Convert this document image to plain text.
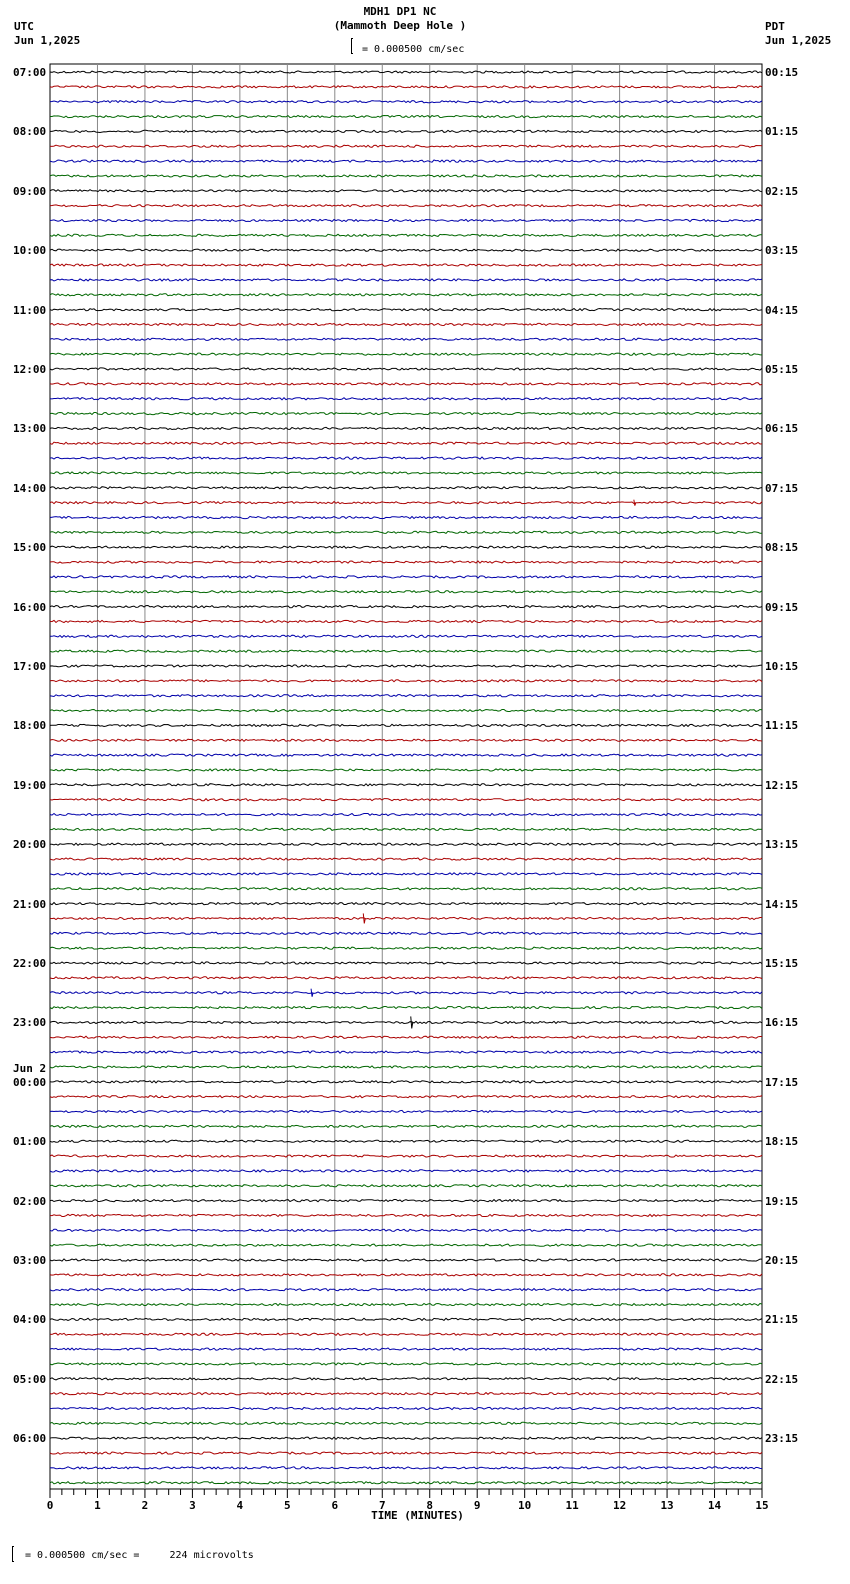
0	1	2	3	4	5	6	7	8	9	10	11	12	13	14	15
MDH1 DP1 NC
(Mammoth Deep Hole )
= 0.000500 cm/sec
UTC
Jun 1,2025
PDT
Jun 1,2025
07:00
08:00
09:00
10:00
11:00
12:00
13:00
14:00
15:00
16:00
17:00
18:00
19:00
20:00
21:00
22:00
23:00
00:00
Jun 2
01:00
02:00
03:00
04:00
05:00
06:00
00:15
01:15
02:15
03:15
04:15
05:15
06:15
07:15
08:15
09:15
10:15
11:15
12:15
13:15
14:15
15:15
16:15
17:15
18:15
19:15
20:15
21:15
22:15
23:15
TIME (MINUTES)
= 0.000500 cm/sec =     224 microvolts
